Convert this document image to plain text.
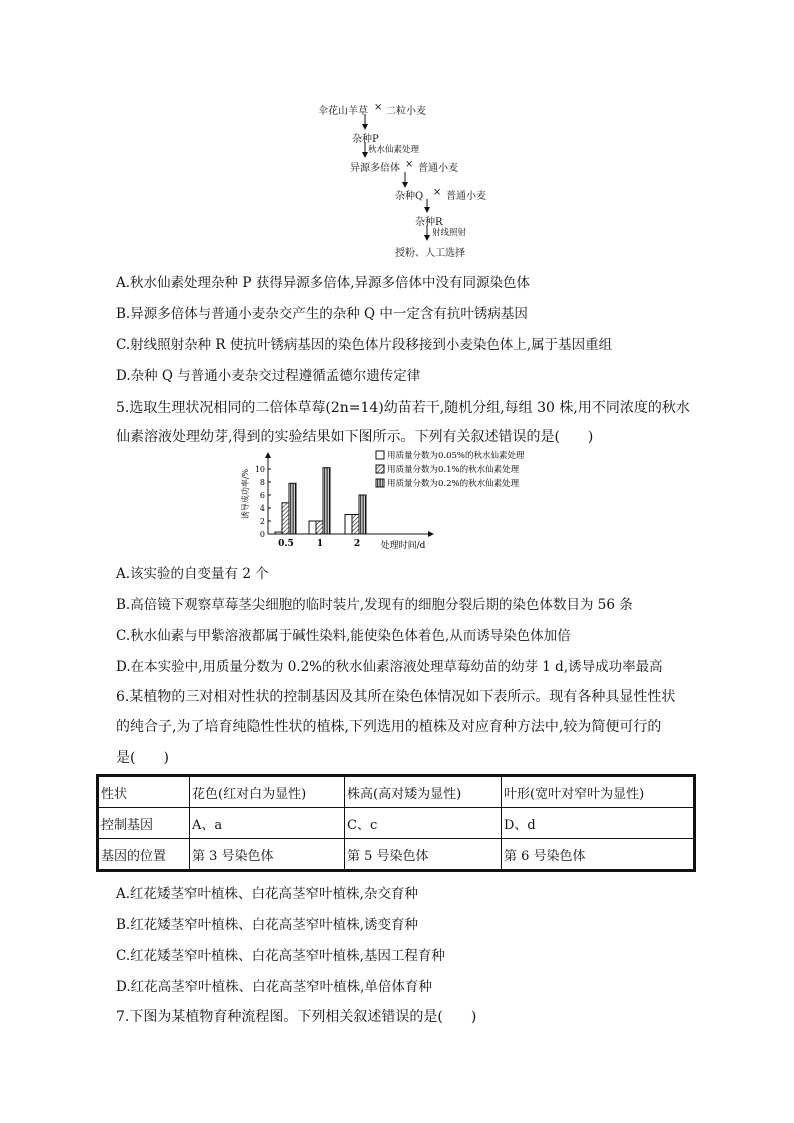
伞花山羊草 × 二粒小麦
杂种P
秋水仙素处理
异源多倍体 × 普通小麦
杂种Q × 普通小麦
杂种R
射线照射
授粉、人工选择
A.秋水仙素处理杂种 P 获得异源多倍体,异源多倍体中没有同源染色体
B.异源多倍体与普通小麦杂交产生的杂种 Q 中一定含有抗叶锈病基因
C.射线照射杂种 R 使抗叶锈病基因的染色体片段移接到小麦染色体上,属于基因重组
D.杂种 Q 与普通小麦杂交过程遵循孟德尔遗传定律
5.选取生理状况相同的二倍体草莓(2n=14)幼苗若干,随机分组,每组 30 株,用不同浓度的秋水
仙素溶液处理幼芽,得到的实验结果如下图所示。下列有关叙述错误的是(　　)
0
2
4
6
8
10
诱导成功率/%
0.5	1	2 处理时间/d
用质量分数为0.05%的秋水仙素处理
用质量分数为0.1%的秋水仙素处理
用质量分数为0.2%的秋水仙素处理
A.该实验的自变量有 2 个
B.高倍镜下观察草莓茎尖细胞的临时装片,发现有的细胞分裂后期的染色体数目为 56 条
C.秋水仙素与甲紫溶液都属于碱性染料,能使染色体着色,从而诱导染色体加倍
D.在本实验中,用质量分数为 0.2%的秋水仙素溶液处理草莓幼苗的幼芽 1 d,诱导成功率最高
6.某植物的三对相对性状的控制基因及其所在染色体情况如下表所示。现有各种具显性性状
的纯合子,为了培育纯隐性性状的植株,下列选用的植株及对应育种方法中,较为简便可行的
是(　　)
性状	花色(红对白为显性)	株高(高对矮为显性)	叶形(宽叶对窄叶为显性)
控制基因	A、a	C、c	D、d
基因的位置	第 3 号染色体	第 5 号染色体	第 6 号染色体
A.红花矮茎窄叶植株、白花高茎窄叶植株,杂交育种
B.红花矮茎窄叶植株、白花高茎窄叶植株,诱变育种
C.红花矮茎窄叶植株、白花高茎窄叶植株,基因工程育种
D.红花高茎窄叶植株、白花高茎窄叶植株,单倍体育种
7.下图为某植物育种流程图。下列相关叙述错误的是(　　)
